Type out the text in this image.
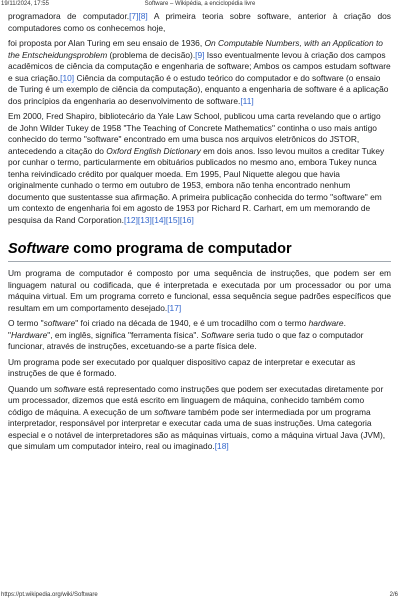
19/11/2024, 17:55	Software – Wikipédia, a enciclopédia livre

programadora de computador.[7][8] A primeira teoria sobre software, anterior à criação dos computadores como os conhecemos hoje,

foi proposta por Alan Turing em seu ensaio de 1936, On Computable Numbers, with an Application to the Entscheidungsproblem (problema de decisão).[9] Isso eventualmente levou à criação dos campos acadêmicos de ciência da computação e engenharia de software; Ambos os campos estudam software e sua criação.[10] Ciência da computação é o estudo teórico do computador e do software (o ensaio de Turing é um exemplo de ciência da computação), enquanto a engenharia de software é a aplicação dos princípios da engenharia ao desenvolvimento de software.[11]

Em 2000, Fred Shapiro, bibliotecário da Yale Law School, publicou uma carta revelando que o artigo de John Wilder Tukey de 1958 "The Teaching of Concrete Mathematics" continha o uso mais antigo conhecido do termo "software" encontrado em uma busca nos arquivos eletrônicos do JSTOR, antecedendo a citação do Oxford English Dictionary em dois anos. Isso levou muitos a creditar Tukey por cunhar o termo, particularmente em obituários publicados no mesmo ano, embora Tukey nunca tenha reivindicado crédito por qualquer moeda. Em 1995, Paul Niquette alegou que havia originalmente cunhado o termo em outubro de 1953, embora não tenha encontrado nenhum documento que sustentasse sua afirmação. A primeira publicação conhecida do termo "software" em um contexto de engenharia foi em agosto de 1953 por Richard R. Carhart, em um memorando de pesquisa da Rand Corporation.[12][13][14][15][16]

Software como programa de computador

Um programa de computador é composto por uma sequência de instruções, que podem ser em linguagem natural ou codificada, que é interpretada e executada por um processador ou por uma máquina virtual. Em um programa correto e funcional, essa sequência segue padrões específicos que resultam em um comportamento desejado.[17]

O termo "software" foi criado na década de 1940, e é um trocadilho com o termo hardware. "Hardware", em inglês, significa "ferramenta física". Software seria tudo o que faz o computador funcionar, através de instruções, excetuando-se a parte física dele.

Um programa pode ser executado por qualquer dispositivo capaz de interpretar e executar as instruções de que é formado.

Quando um software está representado como instruções que podem ser executadas diretamente por um processador, dizemos que está escrito em linguagem de máquina, conhecido também como código de máquina. A execução de um software também pode ser intermediada por um programa interpretador, responsável por interpretar e executar cada uma de suas instruções. Uma categoria especial e o notável de interpretadores são as máquinas virtuais, como a máquina virtual Java (JVM), que simulam um computador inteiro, real ou imaginado.[18]

https://pt.wikipedia.org/wiki/Software	2/6
